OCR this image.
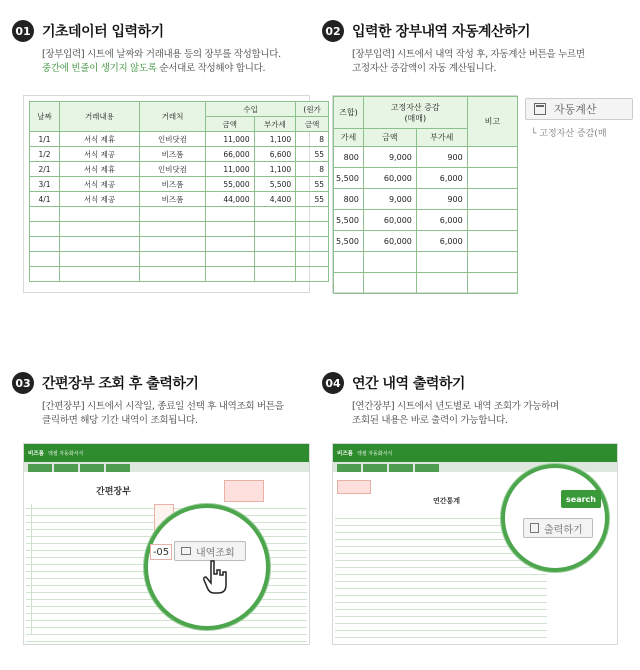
01 기초데이터 입력하기
[장부입력] 시트에 날짜와 거래내용 등의 장부를 작성합니다.
중간에 빈줄이 생기지 않도록 순서대로 작성해야 합니다.
날짜	거래내용	거래처	수입		(원가
			금액	부가세	금액
1/1	서식 제휴	인비닷컴	11,000	1,100	8
1/2	서식 제공	비즈폼	66,000	6,600	55
2/1	서식 제휴	인비닷컴	11,000	1,100	8
3/1	서식 제공	비즈폼	55,000	5,500	55
4/1	서식 제공	비즈폼	44,000	4,400	55

02 입력한 장부내역 자동계산하기
[장부입력] 시트에서 내역 작성 후, 자동계산 버튼을 누르면
고정자산 증감액이 자동 계산됩니다.
즈합)	고정자산 증감
(매매)		비고

가세	금액	부가세	
800	9,000	900	
5,500	60,000	6,000	
800	9,000	900	
5,500	60,000	6,000	
5,500	60,000	6,000	

자동계산
└ 고정자산 증감(매
03 간편장부 조회 후 출력하기
[간편장부] 시트에서 시작일, 종료일 선택 후 내역조회 버튼을
클릭하면 해당 기간 내역이 조회됩니다.
비즈폼 엑셀 자동화서식
간편장부
-05	내역조회
04 연간 내역 출력하기
[연간장부] 시트에서 년도별로 내역 조회가 가능하며
조회된 내용은 바로 출력이 가능합니다.
비즈폼 엑셀 자동화서식
연간통계	search
출력하기
